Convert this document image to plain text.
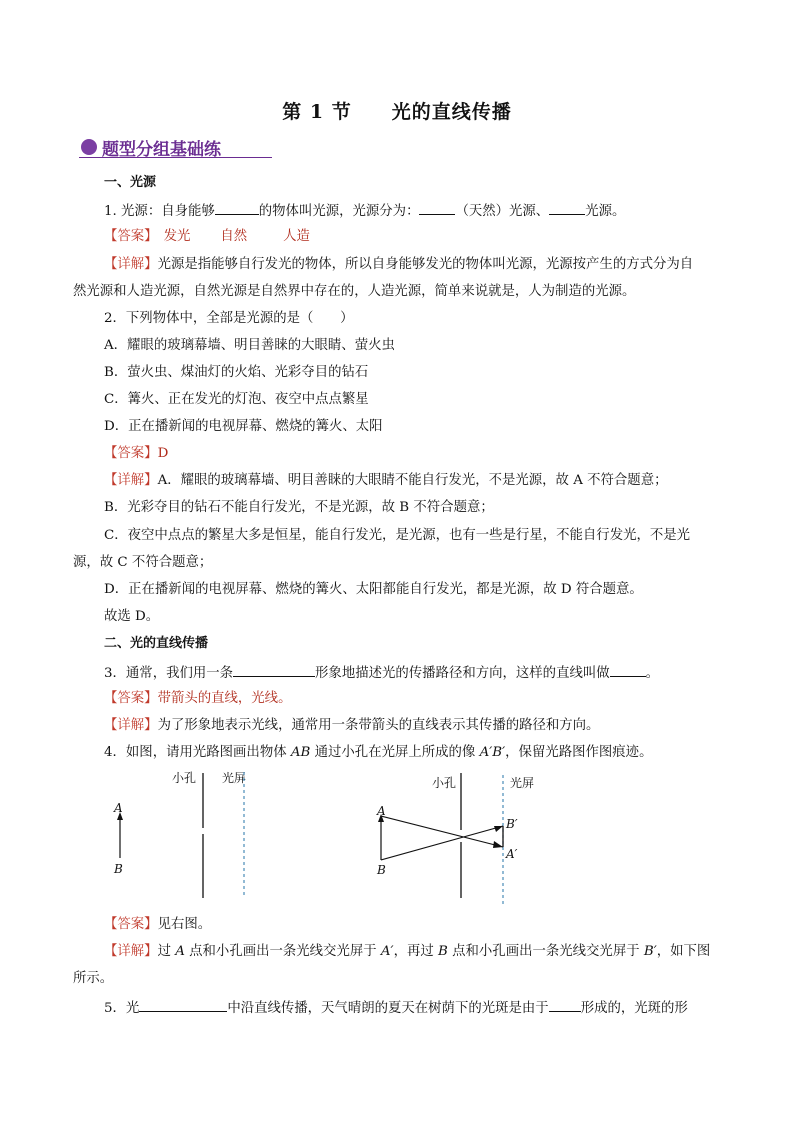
第 1 节 光的直线传播
题型分组基础练
一、光源
1. 光源：自身能够	的物体叫光源，光源分为：	（天然）光源、	光源。
【答案】 发光 自然	人造
【详解】光源是指能够自行发光的物体，所以自身能够发光的物体叫光源，光源按产生的方式分为自
然光源和人造光源，自然光源是自然界中存在的，人造光源，简单来说就是，人为制造的光源。
2．下列物体中，全部是光源的是（　　）
A．耀眼的玻璃幕墙、明目善睐的大眼睛、萤火虫
B．萤火虫、煤油灯的火焰、光彩夺目的钻石
C．篝火、正在发光的灯泡、夜空中点点繁星
D．正在播新闻的电视屏幕、燃烧的篝火、太阳
【答案】D
【详解】A．耀眼的玻璃幕墙、明目善睐的大眼睛不能自行发光，不是光源，故 A 不符合题意；
B．光彩夺目的钻石不能自行发光，不是光源，故 B 不符合题意；
C．夜空中点点的繁星大多是恒星，能自行发光，是光源，也有一些是行星，不能自行发光，不是光
源，故 C 不符合题意；
D．正在播新闻的电视屏幕、燃烧的篝火、太阳都能自行发光，都是光源，故 D 符合题意。
故选 D。
二、光的直线传播
3．通常，我们用一条	形象地描述光的传播路径和方向，这样的直线叫做	。
【答案】带箭头的直线，光线。
【详解】为了形象地表示光线，通常用一条带箭头的直线表示其传播的路径和方向。
4．如图，请用光路图画出物体 AB 通过小孔在光屏上所成的像 A′B′，保留光路图作图痕迹。
小孔 光屏
A
B
小孔	光屏
A
B
B′
A′
【答案】见右图。
【详解】过 A 点和小孔画出一条光线交光屏于 A′，再过 B 点和小孔画出一条光线交光屏于 B′，如下图
所示。
5．光	中沿直线传播，天气晴朗的夏天在树荫下的光斑是由于 形成的，光斑的形
